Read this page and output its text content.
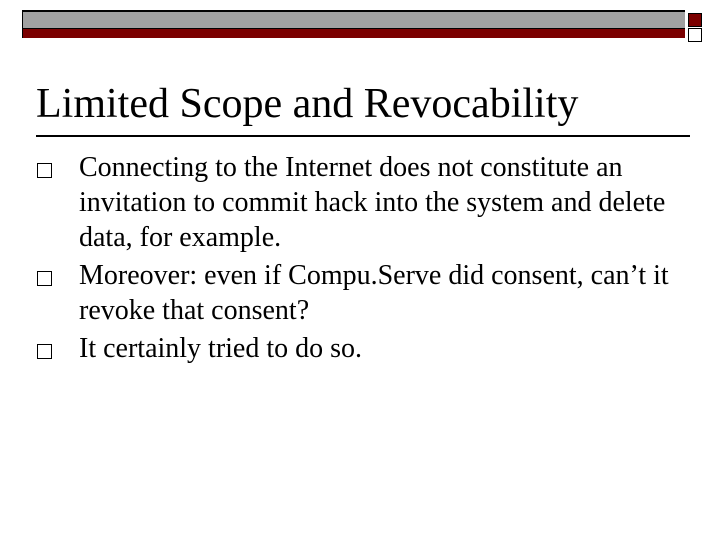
Limited Scope and Revocability
Connecting to the Internet does not constitute an invitation to commit hack into the system and delete data, for example.
Moreover: even if Compu.Serve did consent, can’t it revoke that consent?
It certainly tried to do so.
